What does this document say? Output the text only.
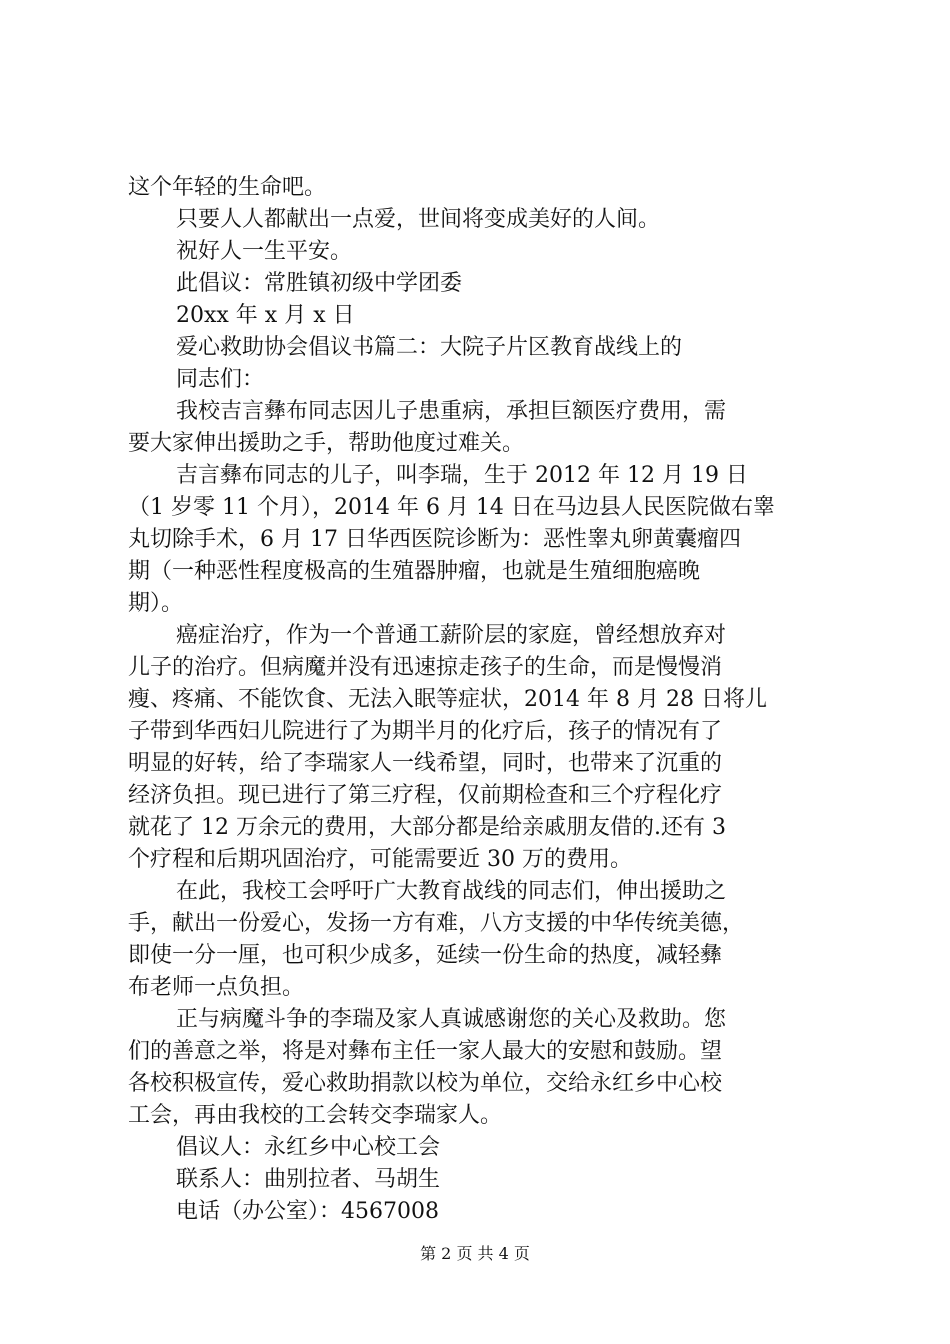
这个年轻的生命吧。

只要人人都献出一点爱，世间将变成美好的人间。

祝好人一生平安。

此倡议：常胜镇初级中学团委

20xx 年 x 月 x 日

爱心救助协会倡议书篇二：大院子片区教育战线上的

同志们：

我校吉言彝布同志因儿子患重病，承担巨额医疗费用，需

要大家伸出援助之手，帮助他度过难关。

吉言彝布同志的儿子，叫李瑞，生于 2012 年 12 月 19 日

（1 岁零 11 个月），2014 年 6 月 14 日在马边县人民医院做右睾

丸切除手术，6 月 17 日华西医院诊断为：恶性睾丸卵黄囊瘤四

期（一种恶性程度极高的生殖器肿瘤，也就是生殖细胞癌晚

期）。

癌症治疗，作为一个普通工薪阶层的家庭，曾经想放弃对

儿子的治疗。但病魔并没有迅速掠走孩子的生命，而是慢慢消

瘦、疼痛、不能饮食、无法入眠等症状，2014 年 8 月 28 日将儿

子带到华西妇儿院进行了为期半月的化疗后，孩子的情况有了

明显的好转，给了李瑞家人一线希望，同时，也带来了沉重的

经济负担。现已进行了第三疗程，仅前期检查和三个疗程化疗

就花了 12 万余元的费用，大部分都是给亲戚朋友借的.还有 3

个疗程和后期巩固治疗，可能需要近 30 万的费用。

在此，我校工会呼吁广大教育战线的同志们，伸出援助之

手，献出一份爱心，发扬一方有难，八方支援的中华传统美德，

即使一分一厘，也可积少成多，延续一份生命的热度，减轻彝

布老师一点负担。

正与病魔斗争的李瑞及家人真诚感谢您的关心及救助。您

们的善意之举，将是对彝布主任一家人最大的安慰和鼓励。望

各校积极宣传，爱心救助捐款以校为单位，交给永红乡中心校

工会，再由我校的工会转交李瑞家人。

倡议人：永红乡中心校工会

联系人：曲别拉者、马胡生

电话（办公室）：4567008

第 2 页 共 4 页
